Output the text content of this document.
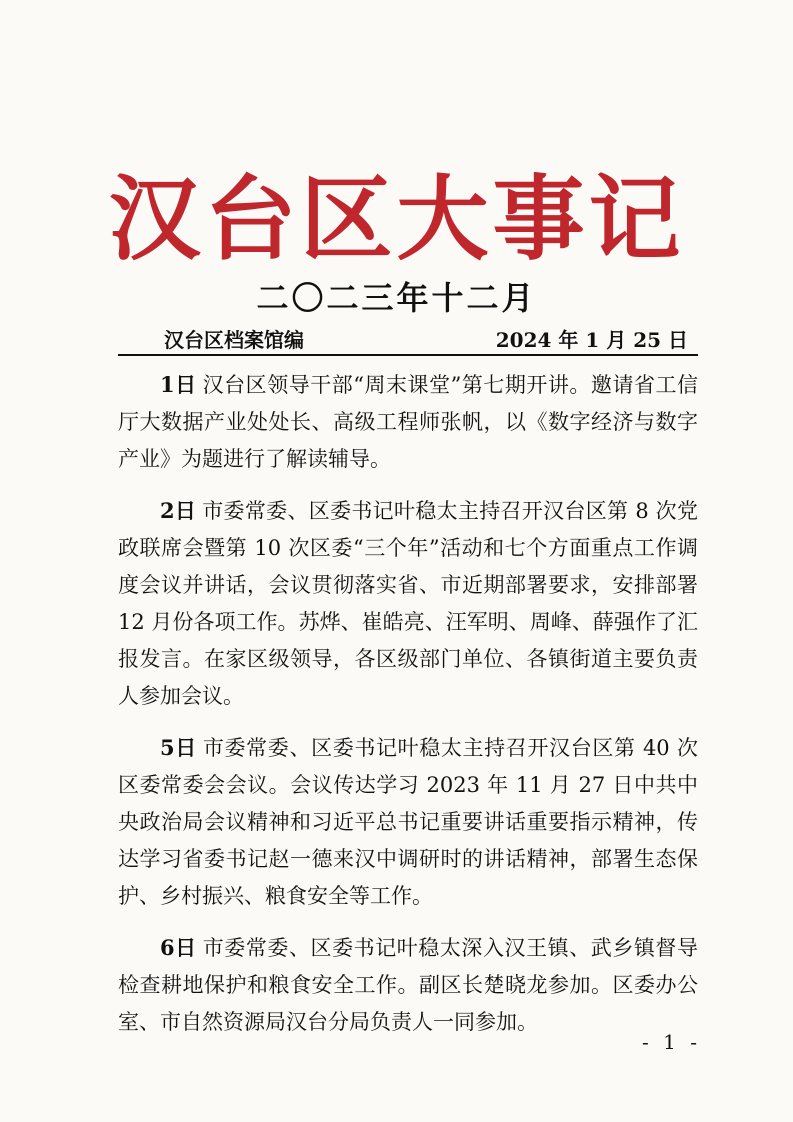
汉台区大事记
二〇二三年十二月
汉台区档案馆编	2024 年 1 月 25 日

1日 汉台区领导干部“周末课堂”第七期开讲。邀请省工信厅大数据产业处处长、高级工程师张帆，以《数字经济与数字产业》为题进行了解读辅导。

2日 市委常委、区委书记叶稳太主持召开汉台区第 8 次党政联席会暨第 10 次区委“三个年”活动和七个方面重点工作调度会议并讲话，会议贯彻落实省、市近期部署要求，安排部署 12 月份各项工作。苏烨、崔皓亮、汪军明、周峰、薛强作了汇报发言。在家区级领导，各区级部门单位、各镇街道主要负责人参加会议。

5日 市委常委、区委书记叶稳太主持召开汉台区第 40 次区委常委会会议。会议传达学习 2023 年 11 月 27 日中共中央政治局会议精神和习近平总书记重要讲话重要指示精神，传达学习省委书记赵一德来汉中调研时的讲话精神，部署生态保护、乡村振兴、粮食安全等工作。

6日 市委常委、区委书记叶稳太深入汉王镇、武乡镇督导检查耕地保护和粮食安全工作。副区长楚晓龙参加。区委办公室、市自然资源局汉台分局负责人一同参加。

- 1 -
